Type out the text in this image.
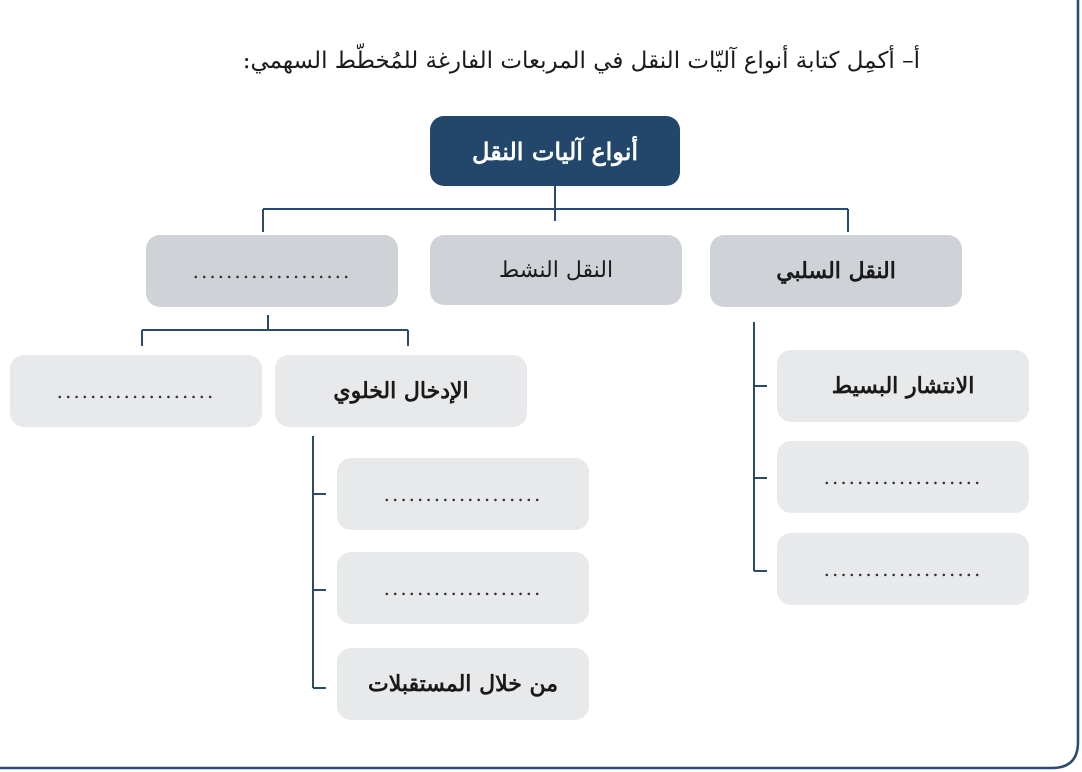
أ– أكمِل كتابة أنواع آليّات النقل في المربعات الفارغة للمُخطّط السهمي:
أنواع آليات النقل
النقل السلبي
النقل النشط
...................
الانتشار البسيط
...................
...................
الإدخال الخلوي
...................
...................
...................
من خلال المستقبلات
